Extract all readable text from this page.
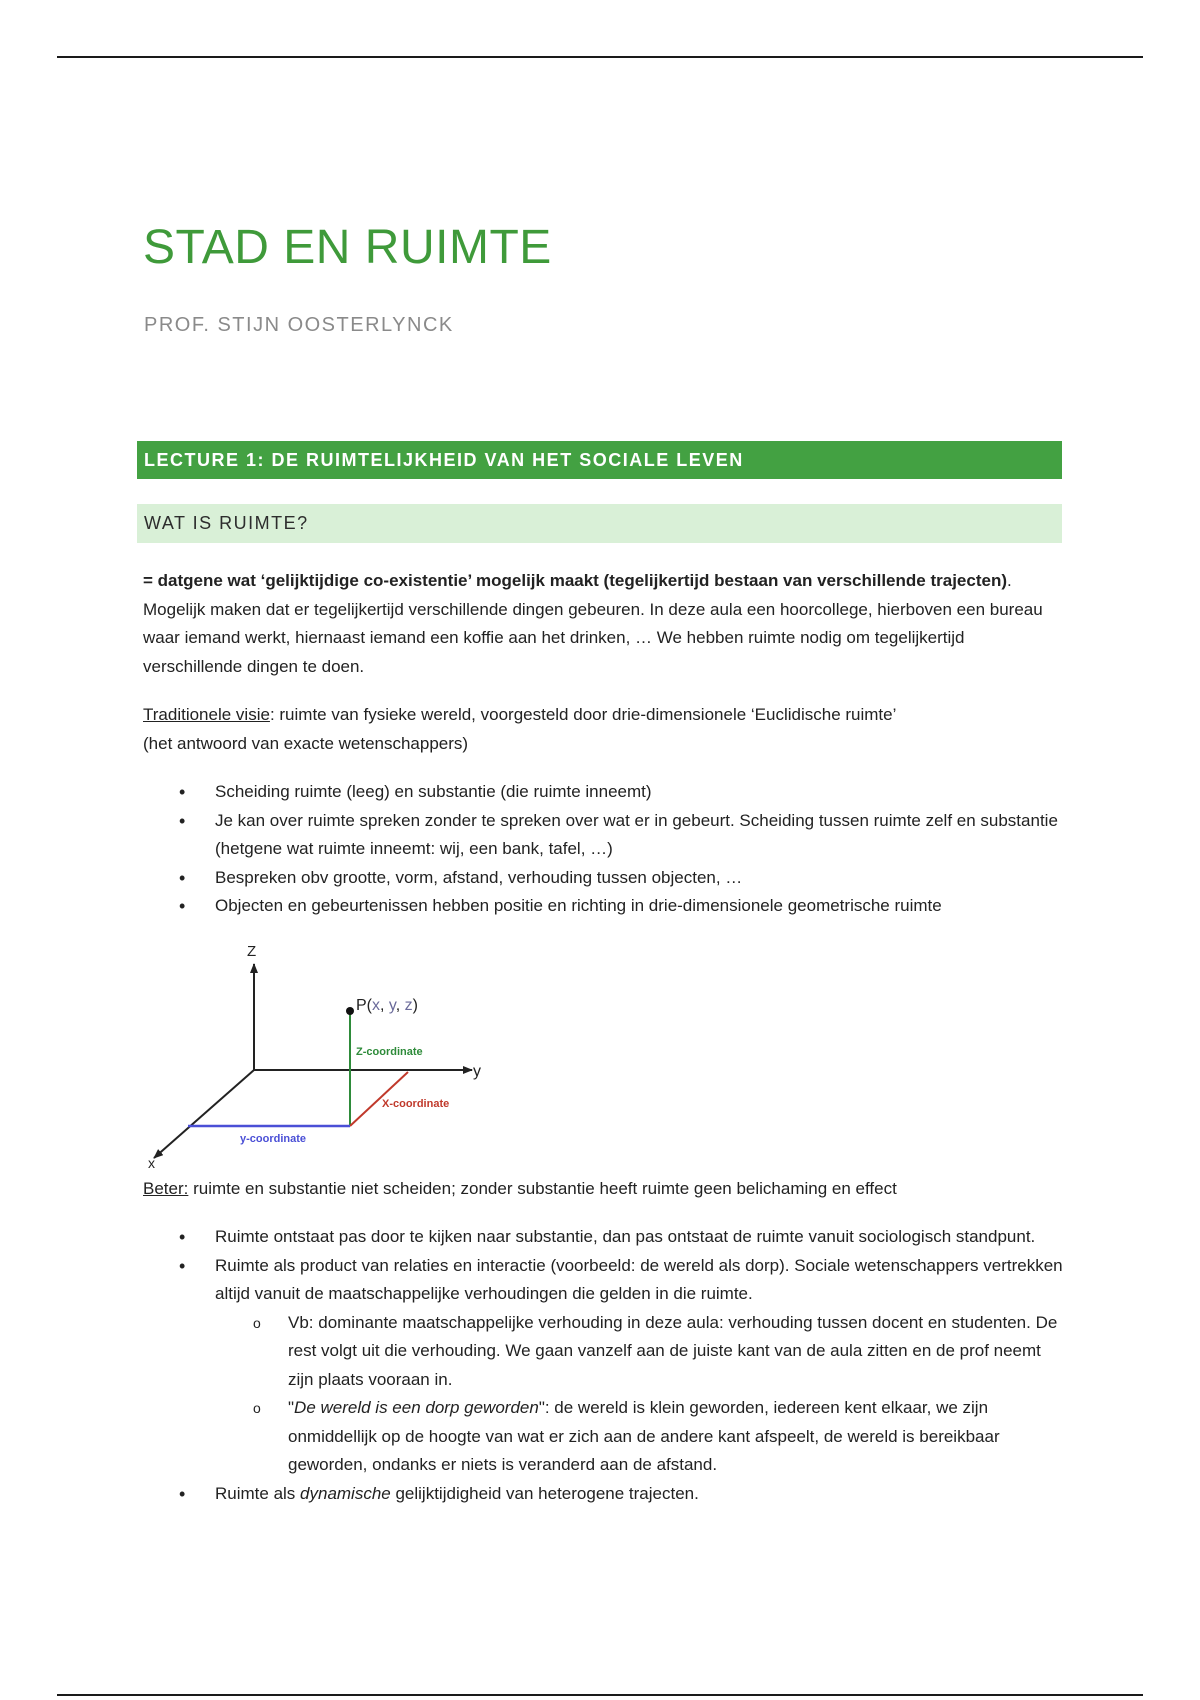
STAD EN RUIMTE
PROF. STIJN OOSTERLYNCK
LECTURE 1: DE RUIMTELIJKHEID VAN HET SOCIALE LEVEN
WAT IS RUIMTE?

= datgene wat ‘gelijktijdige co-existentie’ mogelijk maakt (tegelijkertijd bestaan van verschillende trajecten).

Mogelijk maken dat er tegelijkertijd verschillende dingen gebeuren. In deze aula een hoorcollege, hierboven een bureau waar iemand werkt, hiernaast iemand een koffie aan het drinken, … We hebben ruimte nodig om tegelijkertijd verschillende dingen te doen.

Traditionele visie: ruimte van fysieke wereld, voorgesteld door drie-dimensionele ‘Euclidische ruimte’

(het antwoord van exacte wetenschappers)

• Scheiding ruimte (leeg) en substantie (die ruimte inneemt)
• Je kan over ruimte spreken zonder te spreken over wat er in gebeurt. Scheiding tussen ruimte zelf en substantie (hetgene wat ruimte inneemt: wij, een bank, tafel, …)
• Bespreken obv grootte, vorm, afstand, verhouding tussen objecten, …
• Objecten en gebeurtenissen hebben positie en richting in drie-dimensionele geometrische ruimte

Beter: ruimte en substantie niet scheiden; zonder substantie heeft ruimte geen belichaming en effect

• Ruimte ontstaat pas door te kijken naar substantie, dan pas ontstaat de ruimte vanuit sociologisch standpunt.
• Ruimte als product van relaties en interactie (voorbeeld: de wereld als dorp). Sociale wetenschappers vertrekken altijd vanuit de maatschappelijke verhoudingen die gelden in die ruimte.
o Vb: dominante maatschappelijke verhouding in deze aula: verhouding tussen docent en studenten. De rest volgt uit die verhouding. We gaan vanzelf aan de juiste kant van de aula zitten en de prof neemt zijn plaats vooraan in.
o "De wereld is een dorp geworden": de wereld is klein geworden, iedereen kent elkaar, we zijn onmiddellijk op de hoogte van wat er zich aan de andere kant afspeelt, de wereld is bereikbaar geworden, ondanks er niets is veranderd aan de afstand.
• Ruimte als dynamische gelijktijdigheid van heterogene trajecten.
Z
y
x
P(x, y, z)
Z-coordinate
X-coordinate
y-coordinate
